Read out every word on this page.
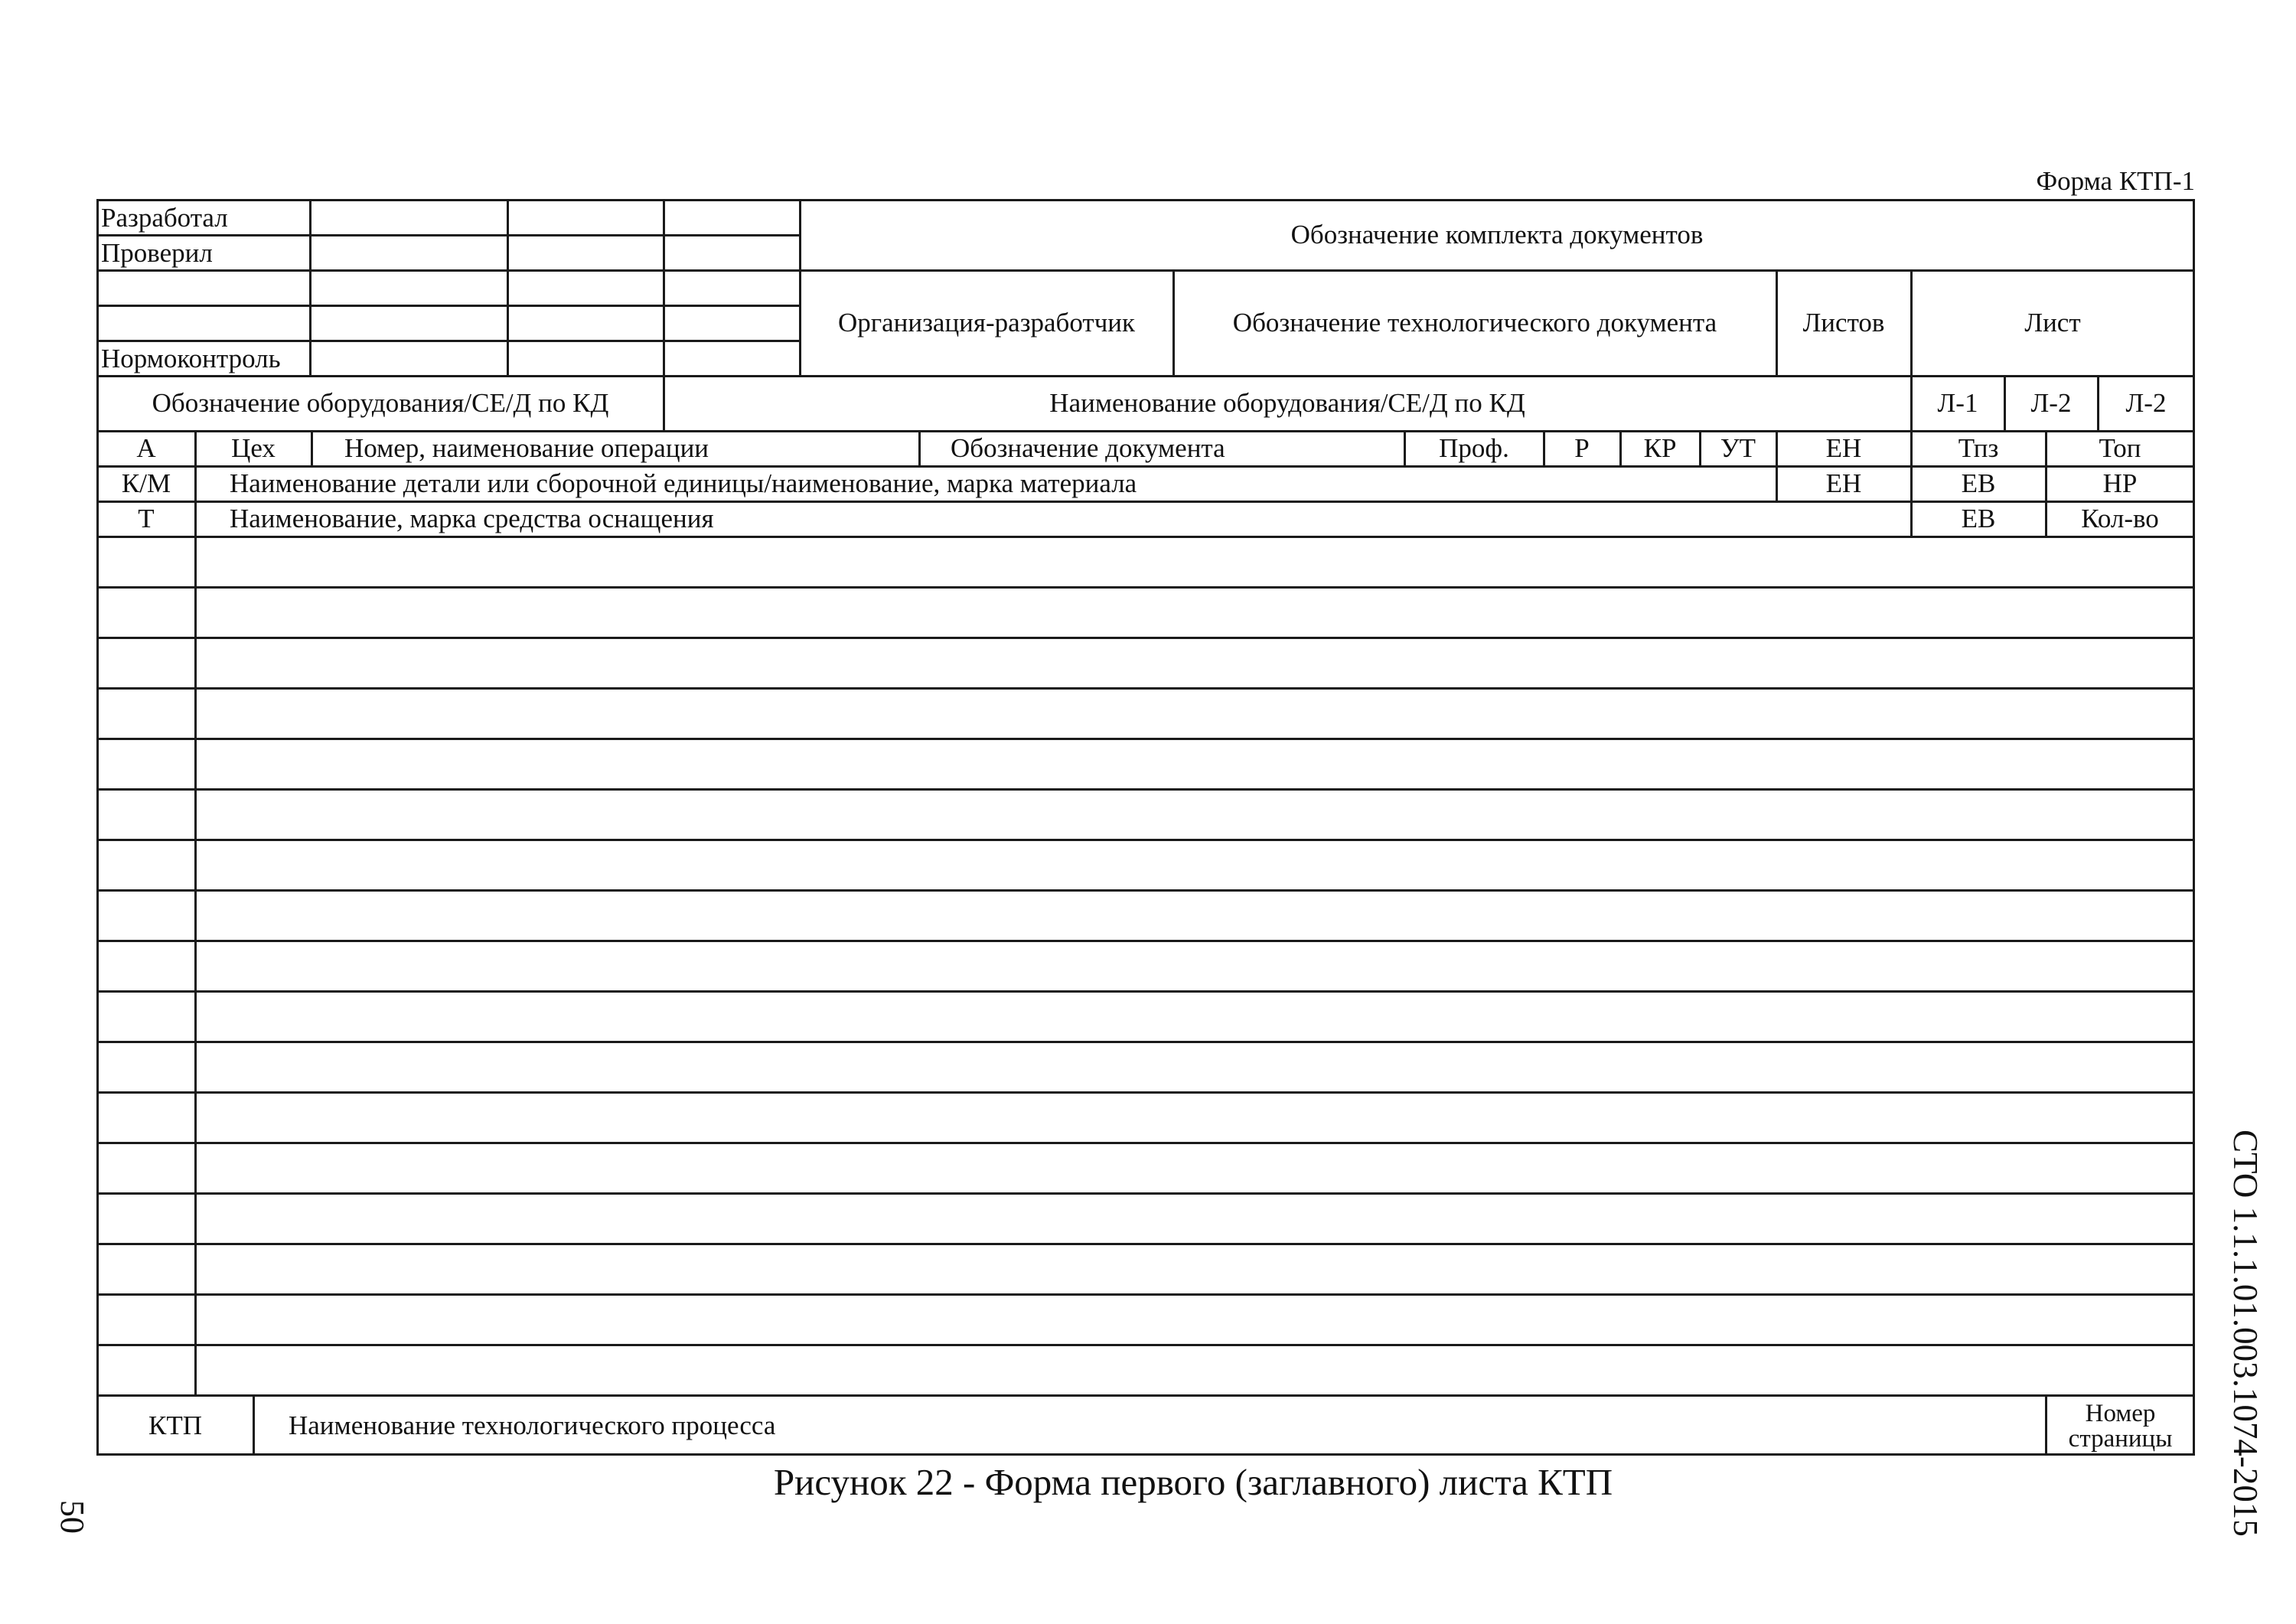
Форма КТП-1
Разработал
Проверил
Нормоконтроль
Обозначение комплекта документов
Организация-разработчик	Обозначение технологического документа	Листов	Лист
Обозначение оборудования/СЕ/Д по КД	Наименование оборудования/СЕ/Д по КД	Л-1	Л-2	Л-2
А	Цех	Номер, наименование операции	Обозначение документа	Проф.	Р	КР	УТ	ЕН	Тпз	Топ
К/М	Наименование детали или сборочной единицы/наименование, марка материала	ЕН	ЕВ	НР
Т	Наименование, марка средства оснащения	ЕВ	Кол-во
КТП	Наименование технологического процесса	Номер
страницы
Рисунок 22 - Форма первого (заглавного) листа КТП
50	СТО 1.1.1.01.003.1074-2015
